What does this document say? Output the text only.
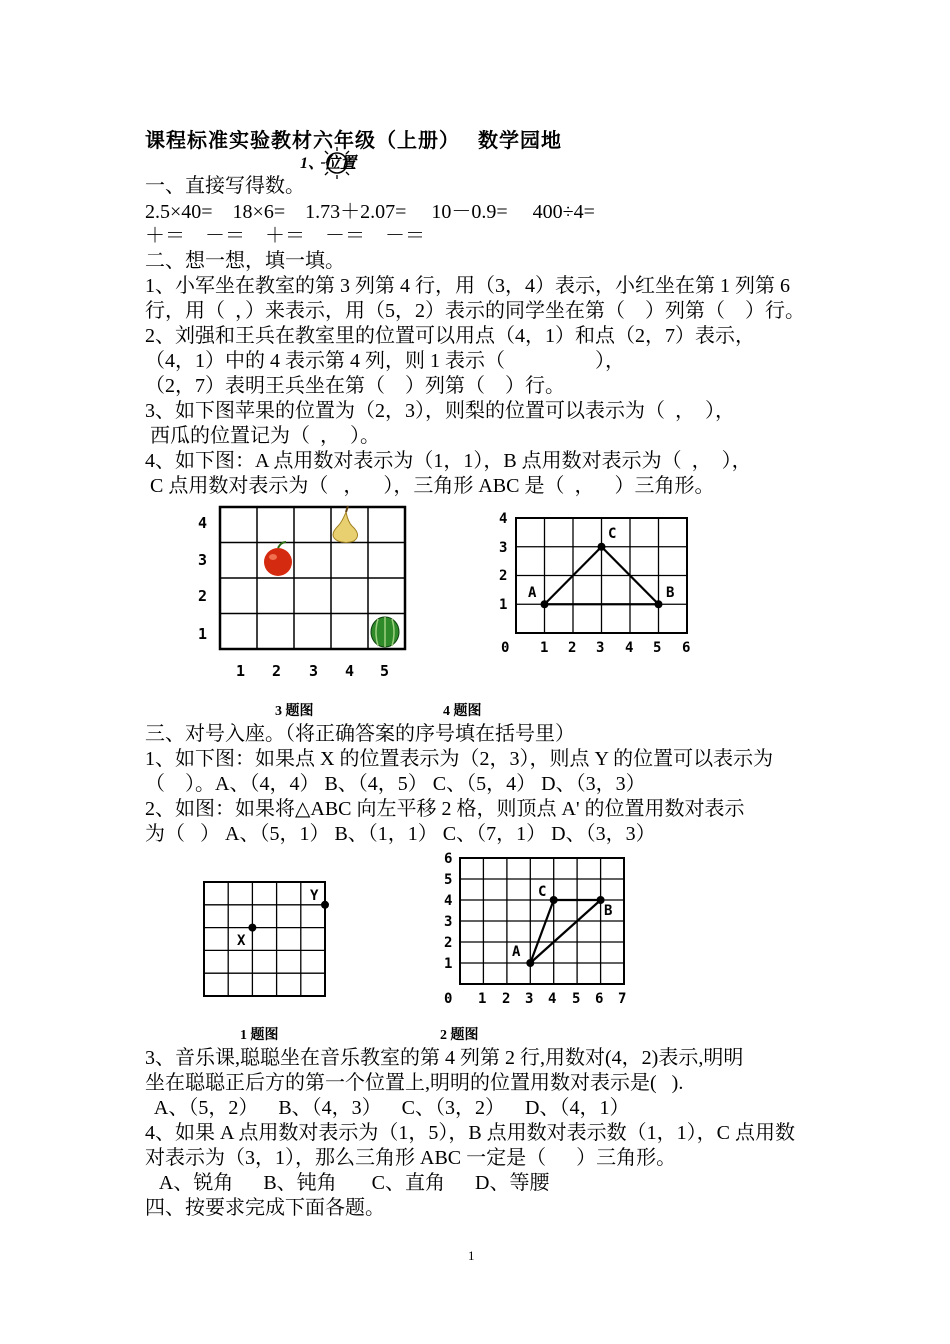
课程标准实验教材六年级（上册）   数学园地
1、位置
一、直接写得数。
2.5×40=    18×6=    1.73＋2.07=     10－0.9=     400÷4=
＋＝    －＝    ＋＝    －＝    －＝
二、想一想，填一填。
1、小军坐在教室的第 3 列第 4 行，用（3，4）表示，小红坐在第 1 列第 6
行，用（  ，）来表示，用（5，2）表示的同学坐在第（    ）列第（    ）行。
2、刘强和王兵在教室里的位置可以用点（4，1）和点（2，7）表示，
（4，1）中的 4 表示第 4 列，则 1 表示（                  ），
（2，7）表明王兵坐在第（    ）列第（    ）行。
3、如下图苹果的位置为（2，3），则梨的位置可以表示为（  ，  ），
西瓜的位置记为（  ，  ）。
4、如下图：A 点用数对表示为（1，1），B 点用数对表示为（  ，  ），
C 点用数对表示为（   ，    ），三角形 ABC 是（  ，    ）三角形。
1 2 3 4 5
1
2
3
4
A	B
C
0 1 2 3 4 5 6
1
2
3
4
3 题图	4 题图
三、对号入座。（将正确答案的序号填在括号里）
1、如下图：如果点 X 的位置表示为（2，3），则点 Y 的位置可以表示为
（    ）。A、（4，4） B、（4，5） C、（5，4） D、（3，3）
2、如图：如果将△ABC 向左平移 2 格，则顶点 A' 的位置用数对表示
为（   ） A、（5，1） B、（1，1） C、（7，1） D、（3，3）
X
Y
A
B
C
0 1 2 3 4 5 6 7
1
2
3
4
5
6
1 题图	2 题图
3、音乐课,聪聪坐在音乐教室的第 4 列第 2 行,用数对(4，2)表示,明明
坐在聪聪正后方的第一个位置上,明明的位置用数对表示是(   ).
A、（5，2）    B、（4，3）    C、（3，2）    D、（4，1）
4、如果 A 点用数对表示为（1，5），B 点用数对表示数（1，1），C 点用数
对表示为（3，1），那么三角形 ABC 一定是（      ）三角形。
A、锐角      B、钝角       C、直角      D、等腰
四、按要求完成下面各题。
1
